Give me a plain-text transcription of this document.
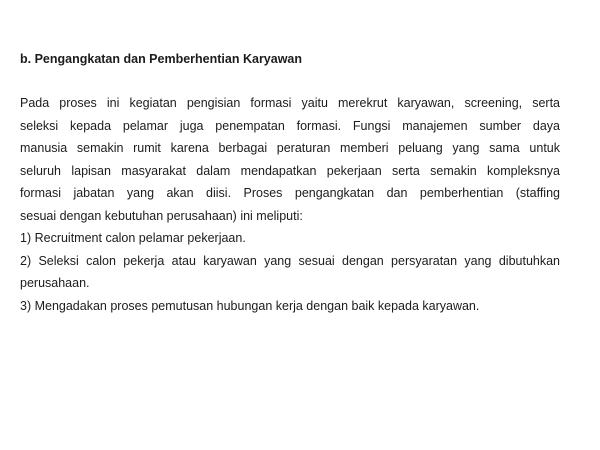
b. Pengangkatan dan Pemberhentian Karyawan
Pada proses ini kegiatan pengisian formasi yaitu merekrut karyawan, screening, serta
seleksi kepada pelamar juga penempatan formasi. Fungsi manajemen sumber daya
manusia semakin rumit karena berbagai peraturan memberi peluang yang sama untuk
seluruh lapisan masyarakat dalam mendapatkan pekerjaan serta semakin kompleksnya
formasi jabatan yang akan diisi. Proses pengangkatan dan pemberhentian (staffing
sesuai dengan kebutuhan perusahaan) ini meliputi:
1) Recruitment calon pelamar pekerjaan.
2) Seleksi calon pekerja atau karyawan yang sesuai dengan persyaratan yang dibutuhkan
perusahaan.
3) Mengadakan proses pemutusan hubungan kerja dengan baik kepada karyawan.
